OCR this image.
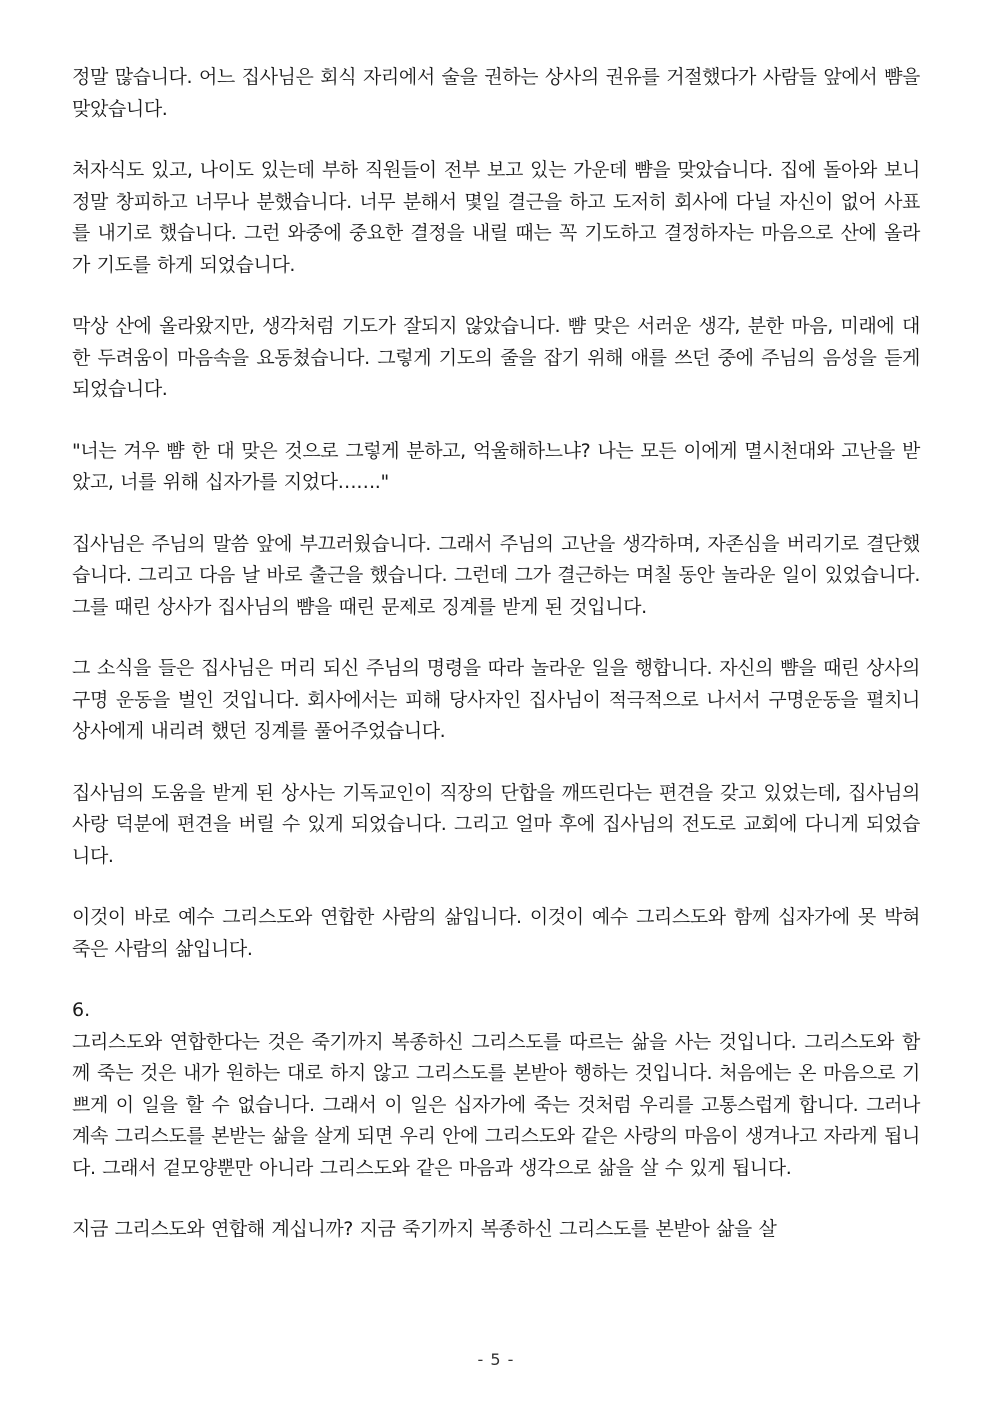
정말 많습니다. 어느 집사님은 회식 자리에서 술을 권하는 상사의 권유를 거절했다가 사람들 앞에서 뺨을 맞았습니다.

처자식도 있고, 나이도 있는데 부하 직원들이 전부 보고 있는 가운데 뺨을 맞았습니다. 집에 돌아와 보니 정말 창피하고 너무나 분했습니다. 너무 분해서 몇일 결근을 하고 도저히 회사에 다닐 자신이 없어 사표를 내기로 했습니다. 그런 와중에 중요한 결정을 내릴 때는 꼭 기도하고 결정하자는 마음으로 산에 올라가 기도를 하게 되었습니다.

막상 산에 올라왔지만, 생각처럼 기도가 잘되지 않았습니다. 뺨 맞은 서러운 생각, 분한 마음, 미래에 대한 두려움이 마음속을 요동쳤습니다. 그렇게 기도의 줄을 잡기 위해 애를 쓰던 중에 주님의 음성을 듣게 되었습니다.

"너는 겨우 뺨 한 대 맞은 것으로 그렇게 분하고, 억울해하느냐? 나는 모든 이에게 멸시천대와 고난을 받았고, 너를 위해 십자가를 지었다……."

집사님은 주님의 말씀 앞에 부끄러웠습니다. 그래서 주님의 고난을 생각하며, 자존심을 버리기로 결단했습니다. 그리고 다음 날 바로 출근을 했습니다. 그런데 그가 결근하는 며칠 동안 놀라운 일이 있었습니다. 그를 때린 상사가 집사님의 뺨을 때린 문제로 징계를 받게 된 것입니다.

그 소식을 들은 집사님은 머리 되신 주님의 명령을 따라 놀라운 일을 행합니다. 자신의 뺨을 때린 상사의 구명 운동을 벌인 것입니다. 회사에서는 피해 당사자인 집사님이 적극적으로 나서서 구명운동을 펼치니 상사에게 내리려 했던 징계를 풀어주었습니다.

집사님의 도움을 받게 된 상사는 기독교인이 직장의 단합을 깨뜨린다는 편견을 갖고 있었는데, 집사님의 사랑 덕분에 편견을 버릴 수 있게 되었습니다. 그리고 얼마 후에 집사님의 전도로 교회에 다니게 되었습니다.

이것이 바로 예수 그리스도와 연합한 사람의 삶입니다. 이것이 예수 그리스도와 함께 십자가에 못 박혀 죽은 사람의 삶입니다.

6.

그리스도와 연합한다는 것은 죽기까지 복종하신 그리스도를 따르는 삶을 사는 것입니다. 그리스도와 함께 죽는 것은 내가 원하는 대로 하지 않고 그리스도를 본받아 행하는 것입니다. 처음에는 온 마음으로 기쁘게 이 일을 할 수 없습니다. 그래서 이 일은 십자가에 죽는 것처럼 우리를 고통스럽게 합니다. 그러나 계속 그리스도를 본받는 삶을 살게 되면 우리 안에 그리스도와 같은 사랑의 마음이 생겨나고 자라게 됩니다. 그래서 겉모양뿐만 아니라 그리스도와 같은 마음과 생각으로 삶을 살 수 있게 됩니다.

지금 그리스도와 연합해 계십니까? 지금 죽기까지 복종하신 그리스도를 본받아 삶을 살

- 5 -
